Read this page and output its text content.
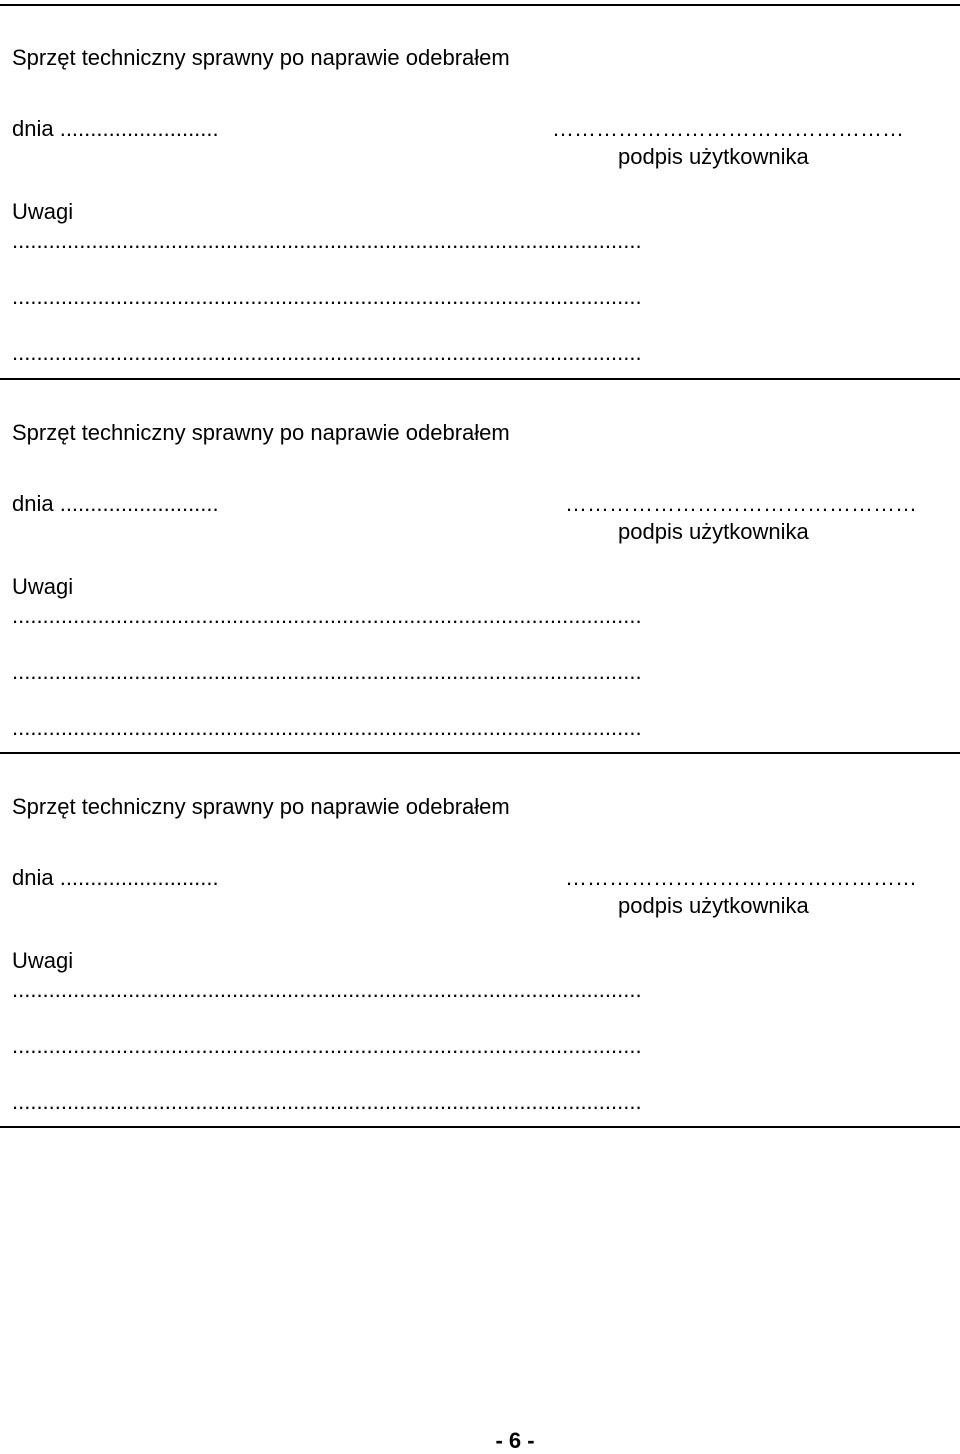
Sprzęt techniczny sprawny po naprawie odebrałem
dnia ..........................	…………………………………………
podpis użytkownika
Uwagi
.......................................................................................................
.......................................................................................................
.......................................................................................................
Sprzęt techniczny sprawny po naprawie odebrałem
dnia ..........................	…………………………………………
podpis użytkownika
Uwagi
.......................................................................................................
.......................................................................................................
.......................................................................................................
Sprzęt techniczny sprawny po naprawie odebrałem
dnia ..........................	…………………………………………
podpis użytkownika
Uwagi
.......................................................................................................
.......................................................................................................
.......................................................................................................
- 6 -
